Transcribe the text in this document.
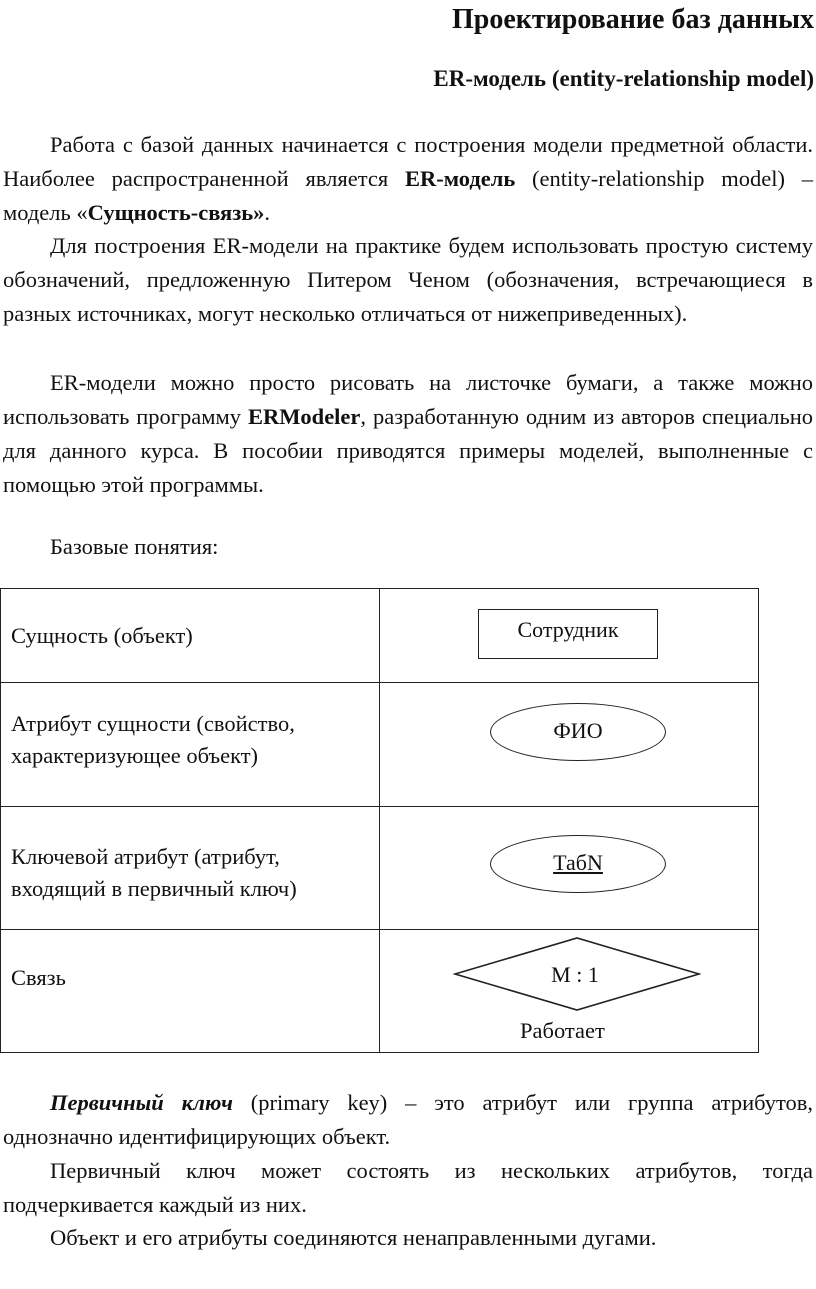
Проектирование баз данных
ER-модель (entity-relationship model)

Работа с базой данных начинается с построения модели предметной области. Наиболее распространенной является ER-модель (entity-relationship model) – модель «Сущность-связь».

Для построения ER-модели на практике будем использовать простую систему обозначений, предложенную Питером Ченом (обозначения, встречающиеся в разных источниках, могут несколько отличаться от нижеприведенных).

ER-модели можно просто рисовать на листочке бумаги, а также можно использовать программу ERModeler, разработанную одним из авторов специально для данного курса. В пособии приводятся примеры моделей, выполненные с помощью этой программы.

Базовые понятия:

Сущность (объект)	Сотрудник
Атрибут сущности (свойство, характеризующее объект)
ФИО
Ключевой атрибут (атрибут, входящий в первичный ключ)
ТабN
Связь	M : 1
Работает

Первичный ключ (primary key) – это атрибут или группа атрибутов, однозначно идентифицирующих объект.

Первичный ключ может состоять из нескольких атрибутов, тогда подчеркивается каждый из них.

Объект и его атрибуты соединяются ненаправленными дугами.
